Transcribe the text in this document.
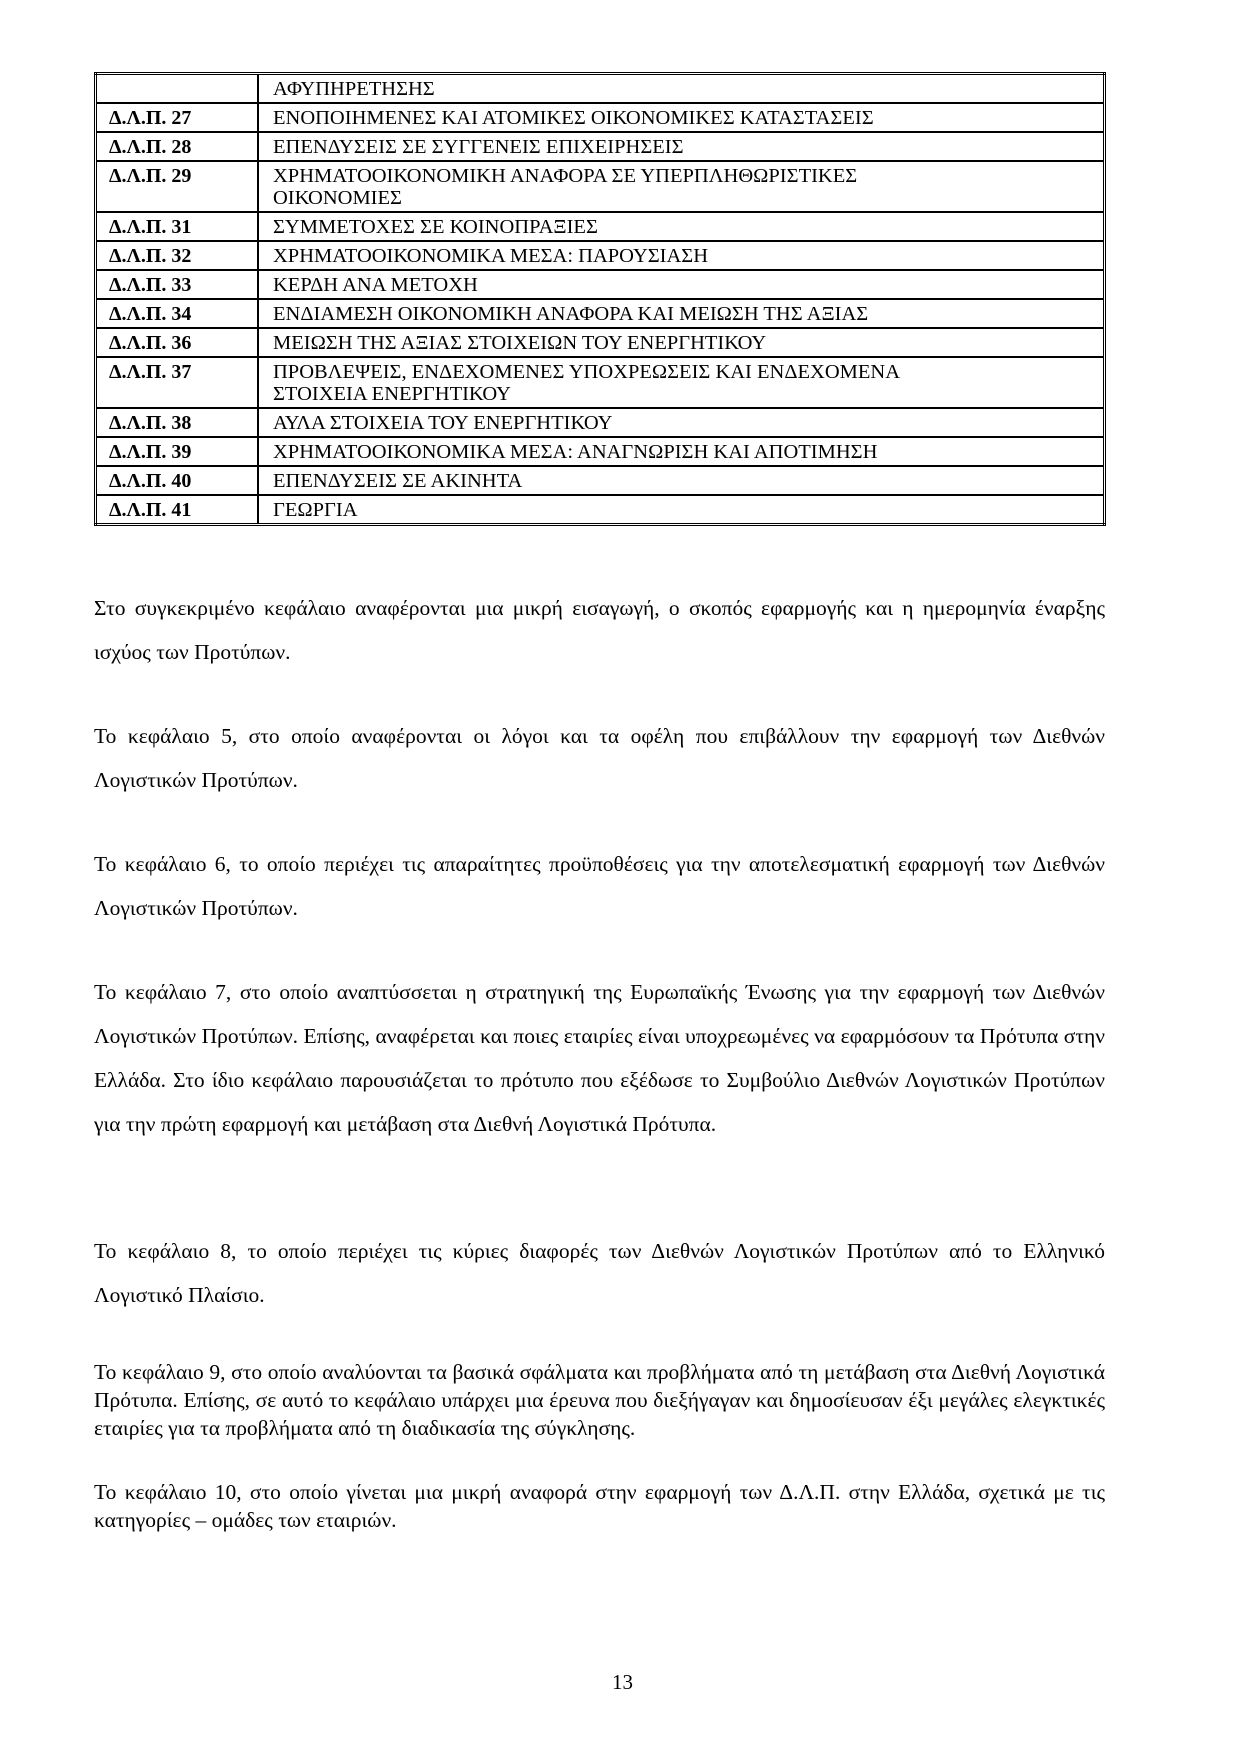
	ΑΦΥΠΗΡΕΤΗΣΗΣ

Δ.Λ.Π. 27	ΕΝΟΠΟΙΗΜΕΝΕΣ ΚΑΙ ΑΤΟΜΙΚΕΣ ΟΙΚΟΝΟΜΙΚΕΣ ΚΑΤΑΣΤΑΣΕΙΣ

Δ.Λ.Π. 28	ΕΠΕΝΔΥΣΕΙΣ ΣΕ ΣΥΓΓΕΝΕΙΣ ΕΠΙΧΕΙΡΗΣΕΙΣ

Δ.Λ.Π. 29	ΧΡΗΜΑΤΟΟΙΚΟΝΟΜΙΚΗ ΑΝΑΦΟΡΑ ΣΕ ΥΠΕΡΠΛΗΘΩΡΙΣΤΙΚΕΣ
ΟΙΚΟΝΟΜΙΕΣ

Δ.Λ.Π. 31	ΣΥΜΜΕΤΟΧΕΣ ΣΕ ΚΟΙΝΟΠΡΑΞΙΕΣ

Δ.Λ.Π. 32	ΧΡΗΜΑΤΟΟΙΚΟΝΟΜΙΚΑ ΜΕΣΑ: ΠΑΡΟΥΣΙΑΣΗ

Δ.Λ.Π. 33	ΚΕΡΔΗ ΑΝΑ ΜΕΤΟΧΗ

Δ.Λ.Π. 34	ΕΝΔΙΑΜΕΣΗ ΟΙΚΟΝΟΜΙΚΗ ΑΝΑΦΟΡΑ ΚΑΙ ΜΕΙΩΣΗ ΤΗΣ ΑΞΙΑΣ

Δ.Λ.Π. 36	ΜΕΙΩΣΗ ΤΗΣ ΑΞΙΑΣ ΣΤΟΙΧΕΙΩΝ ΤΟΥ ΕΝΕΡΓΗΤΙΚΟΥ

Δ.Λ.Π. 37	ΠΡΟΒΛΕΨΕΙΣ, ΕΝΔΕΧΟΜΕΝΕΣ ΥΠΟΧΡΕΩΣΕΙΣ ΚΑΙ ΕΝΔΕΧΟΜΕΝΑ
ΣΤΟΙΧΕΙΑ ΕΝΕΡΓΗΤΙΚΟΥ

Δ.Λ.Π. 38	ΑΥΛΑ ΣΤΟΙΧΕΙΑ ΤΟΥ ΕΝΕΡΓΗΤΙΚΟΥ

Δ.Λ.Π. 39	ΧΡΗΜΑΤΟΟΙΚΟΝΟΜΙΚΑ ΜΕΣΑ: ΑΝΑΓΝΩΡΙΣΗ ΚΑΙ ΑΠΟΤΙΜΗΣΗ

Δ.Λ.Π. 40	ΕΠΕΝΔΥΣΕΙΣ ΣΕ ΑΚΙΝΗΤΑ

Δ.Λ.Π. 41	ΓΕΩΡΓΙΑ

Στο συγκεκριμένο κεφάλαιο αναφέρονται μια μικρή εισαγωγή, ο σκοπός εφαρμογής και η ημερομηνία έναρξης ισχύος των Προτύπων.

Το κεφάλαιο 5, στο οποίο αναφέρονται οι λόγοι και τα οφέλη που επιβάλλουν την εφαρμογή των Διεθνών Λογιστικών Προτύπων.

Το κεφάλαιο 6, το οποίο περιέχει τις απαραίτητες προϋποθέσεις για την αποτελεσματική εφαρμογή των Διεθνών Λογιστικών Προτύπων.

Το κεφάλαιο 7, στο οποίο αναπτύσσεται η στρατηγική της Ευρωπαϊκής Ένωσης για την εφαρμογή των Διεθνών Λογιστικών Προτύπων. Επίσης, αναφέρεται και ποιες εταιρίες είναι υποχρεωμένες να εφαρμόσουν τα Πρότυπα στην Ελλάδα. Στο ίδιο κεφάλαιο παρουσιάζεται το πρότυπο που εξέδωσε το Συμβούλιο Διεθνών Λογιστικών Προτύπων για την πρώτη εφαρμογή και μετάβαση στα Διεθνή Λογιστικά Πρότυπα.

Το κεφάλαιο 8, το οποίο περιέχει τις κύριες διαφορές των Διεθνών Λογιστικών Προτύπων από το Ελληνικό Λογιστικό Πλαίσιο.

Το κεφάλαιο 9, στο οποίο αναλύονται τα βασικά σφάλματα και προβλήματα από τη μετάβαση στα Διεθνή Λογιστικά Πρότυπα. Επίσης, σε αυτό το κεφάλαιο υπάρχει μια έρευνα που διεξήγαγαν και δημοσίευσαν έξι μεγάλες ελεγκτικές εταιρίες για τα προβλήματα από τη διαδικασία της σύγκλησης.

Το κεφάλαιο 10, στο οποίο γίνεται μια μικρή αναφορά στην εφαρμογή των Δ.Λ.Π. στην Ελλάδα, σχετικά με τις κατηγορίες – ομάδες των εταιριών.

13
